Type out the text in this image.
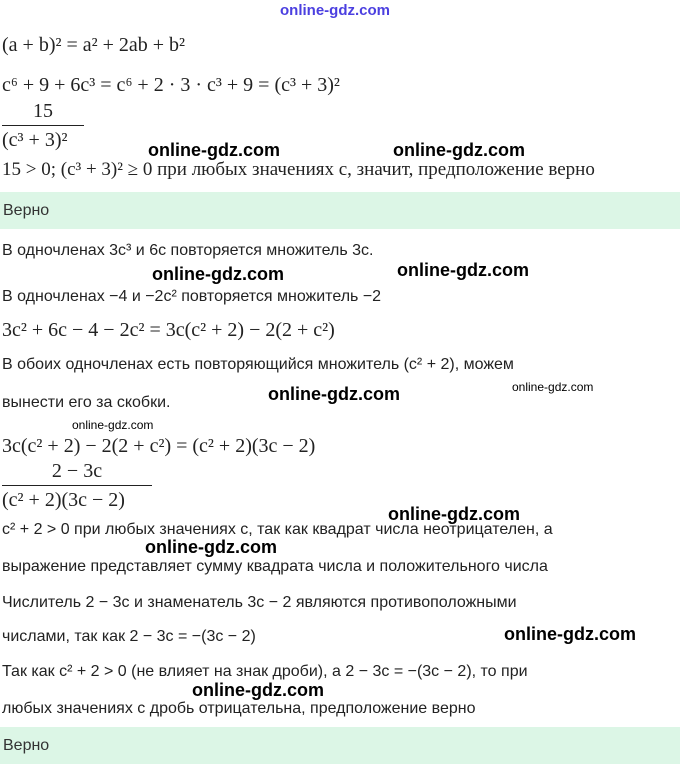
online-gdz.com
online-gdz.com	online-gdz.com
online-gdz.com	online-gdz.com
online-gdz.com
online-gdz.com
online-gdz.com
online-gdz.com
online-gdz.com
online-gdz.com
online-gdz.com
(a + b)² = a² + 2ab + b²
c⁶ + 9 + 6c³ = c⁶ + 2 · 3 · c³ + 9 = (c³ + 3)²
15
(c³ + 3)²
15 > 0; (c³ + 3)² ≥ 0 при любых значениях c, значит, предположение верно
Верно
В одночленах 3c³ и 6c повторяется множитель 3c.
В одночленах −4 и −2c² повторяется множитель −2
3c² + 6c − 4 − 2c² = 3c(c² + 2) − 2(2 + c²)
В обоих одночленах есть повторяющийся множитель (c² + 2), можем
вынести его за скобки.
3c(c² + 2) − 2(2 + c²) = (c² + 2)(3c − 2)
2 − 3c
(c² + 2)(3c − 2)
c² + 2 > 0 при любых значениях c, так как квадрат числа неотрицателен, а
выражение представляет сумму квадрата числа и положительного числа
Числитель 2 − 3c и знаменатель 3c − 2 являются противоположными
числами, так как 2 − 3c = −(3c − 2)
Так как c² + 2 > 0 (не влияет на знак дроби), а 2 − 3c = −(3c − 2), то при
любых значениях c дробь отрицательна, предположение верно
Верно
